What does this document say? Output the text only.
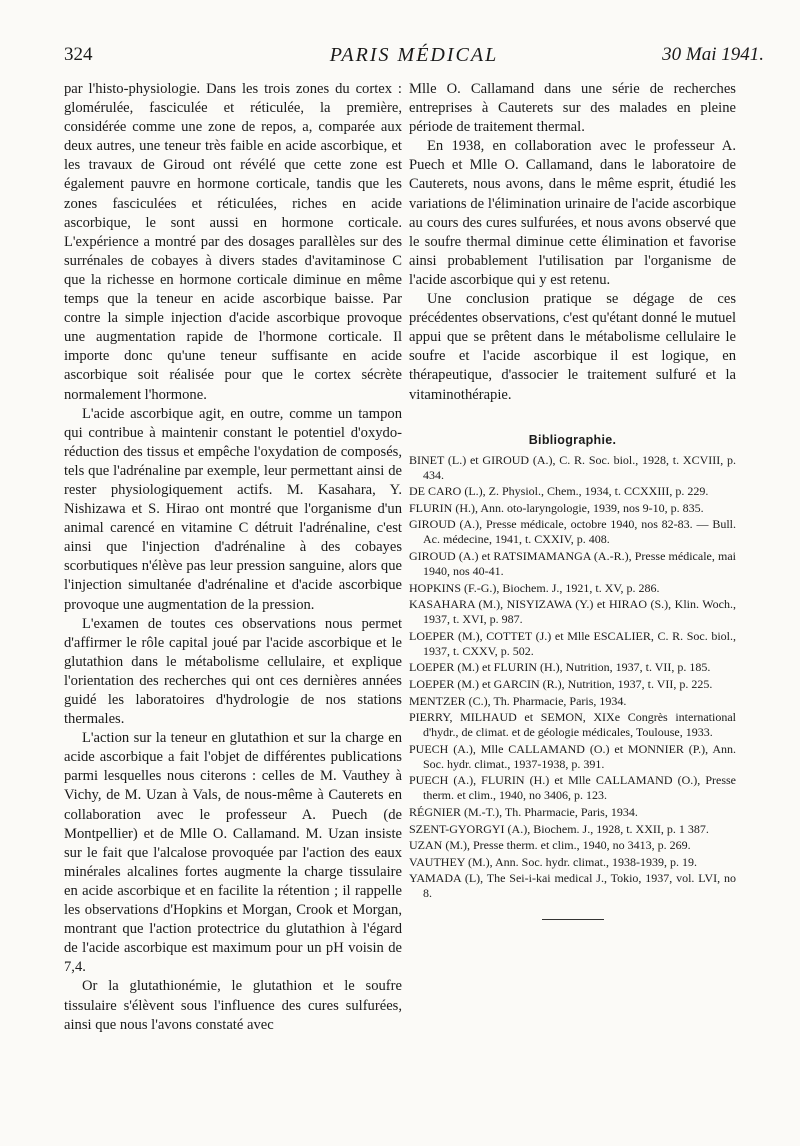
324	PARIS MÉDICAL	30 Mai 1941.

par l'histo-physiologie. Dans les trois zones du cortex : glomérulée, fasciculée et réticulée, la première, considérée comme une zone de repos, a, comparée aux deux autres, une teneur très faible en acide ascorbique, et les travaux de Giroud ont révélé que cette zone est également pauvre en hormone corticale, tandis que les zones fasciculées et réticulées, riches en acide ascorbique, le sont aussi en hormone corticale. L'expérience a montré par des dosages parallèles sur des surrénales de cobayes à divers stades d'avitaminose C que la richesse en hormone corticale diminue en même temps que la teneur en acide ascorbique baisse. Par contre la simple injection d'acide ascorbique provoque une augmentation rapide de l'hormone corticale. Il importe donc qu'une teneur suffisante en acide ascorbique soit réalisée pour que le cortex sécrète normalement l'hormone.

L'acide ascorbique agit, en outre, comme un tampon qui contribue à maintenir constant le potentiel d'oxydo-réduction des tissus et empêche l'oxydation de composés, tels que l'adrénaline par exemple, leur permettant ainsi de rester physiologiquement actifs. M. Kasahara, Y. Nishizawa et S. Hirao ont montré que l'organisme d'un animal carencé en vitamine C détruit l'adrénaline, c'est ainsi que l'injection d'adrénaline à des cobayes scorbutiques n'élève pas leur pression sanguine, alors que l'injection simultanée d'adrénaline et d'acide ascorbique provoque une augmentation de la pression.

L'examen de toutes ces observations nous permet d'affirmer le rôle capital joué par l'acide ascorbique et le glutathion dans le métabolisme cellulaire, et explique l'orientation des recherches qui ont ces dernières années guidé les laboratoires d'hydrologie de nos stations thermales.

L'action sur la teneur en glutathion et sur la charge en acide ascorbique a fait l'objet de différentes publications parmi lesquelles nous citerons : celles de M. Vauthey à Vichy, de M. Uzan à Vals, de nous-même à Cauterets en collaboration avec le professeur A. Puech (de Montpellier) et de Mlle O. Callamand. M. Uzan insiste sur le fait que l'alcalose provoquée par l'action des eaux minérales alcalines fortes augmente la charge tissulaire en acide ascorbique et en facilite la rétention ; il rappelle les observations d'Hopkins et Morgan, Crook et Morgan, montrant que l'action protectrice du glutathion à l'égard de l'acide ascorbique est maximum pour un pH voisin de 7,4.

Or la glutathionémie, le glutathion et le soufre tissulaire s'élèvent sous l'influence des cures sulfurées, ainsi que nous l'avons constaté avec

Mlle O. Callamand dans une série de recherches entreprises à Cauterets sur des malades en pleine période de traitement thermal.

En 1938, en collaboration avec le professeur A. Puech et Mlle O. Callamand, dans le laboratoire de Cauterets, nous avons, dans le même esprit, étudié les variations de l'élimination urinaire de l'acide ascorbique au cours des cures sulfurées, et nous avons observé que le soufre thermal diminue cette élimination et favorise ainsi probablement l'utilisation par l'organisme de l'acide ascorbique qui y est retenu.

Une conclusion pratique se dégage de ces précédentes observations, c'est qu'étant donné le mutuel appui que se prêtent dans le métabolisme cellulaire le soufre et l'acide ascorbique il est logique, en thérapeutique, d'associer le traitement sulfuré et la vitaminothérapie.

Bibliographie.

BINET (L.) et GIROUD (A.), C. R. Soc. biol., 1928, t. XCVIII, p. 434.

DE CARO (L.), Z. Physiol., Chem., 1934, t. CCXXIII, p. 229.

FLURIN (H.), Ann. oto-laryngologie, 1939, nos 9-10, p. 835.

GIROUD (A.), Presse médicale, octobre 1940, nos 82-83. — Bull. Ac. médecine, 1941, t. CXXIV, p. 408.

GIROUD (A.) et RATSIMAMANGA (A.-R.), Presse médicale, mai 1940, nos 40-41.

HOPKINS (F.-G.), Biochem. J., 1921, t. XV, p. 286.

KASAHARA (M.), NISYIZAWA (Y.) et HIRAO (S.), Klin. Woch., 1937, t. XVI, p. 987.

LOEPER (M.), COTTET (J.) et Mlle ESCALIER, C. R. Soc. biol., 1937, t. CXXV, p. 502.

LOEPER (M.) et FLURIN (H.), Nutrition, 1937, t. VII, p. 185.

LOEPER (M.) et GARCIN (R.), Nutrition, 1937, t. VII, p. 225.

MENTZER (C.), Th. Pharmacie, Paris, 1934.

PIERRY, MILHAUD et SEMON, XIXe Congrès international d'hydr., de climat. et de géologie médicales, Toulouse, 1933.

PUECH (A.), Mlle CALLAMAND (O.) et MONNIER (P.), Ann. Soc. hydr. climat., 1937-1938, p. 391.

PUECH (A.), FLURIN (H.) et Mlle CALLAMAND (O.), Presse therm. et clim., 1940, no 3406, p. 123.

RÉGNIER (M.-T.), Th. Pharmacie, Paris, 1934.

SZENT-GYORGYI (A.), Biochem. J., 1928, t. XXII, p. 1 387.

UZAN (M.), Presse therm. et clim., 1940, no 3413, p. 269.

VAUTHEY (M.), Ann. Soc. hydr. climat., 1938-1939, p. 19.

YAMADA (L), The Sei-i-kai medical J., Tokio, 1937, vol. LVI, no 8.
